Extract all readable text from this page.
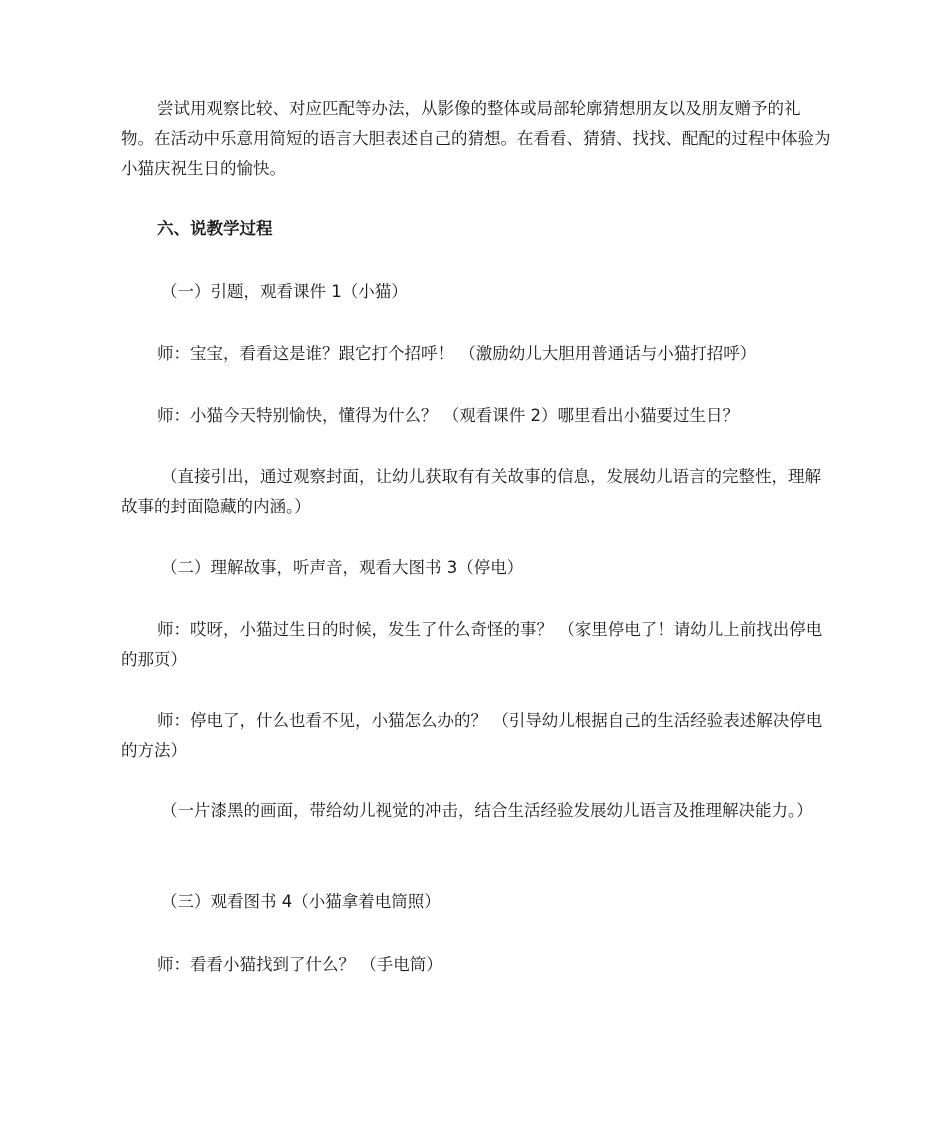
尝试用观察比较、对应匹配等办法，从影像的整体或局部轮廓猜想朋友以及朋友赠予的礼物。在活动中乐意用简短的语言大胆表述自己的猜想。在看看、猜猜、找找、配配的过程中体验为小猫庆祝生日的愉快。

六、说教学过程

（一）引题，观看课件 1（小猫）

师：宝宝，看看这是谁？跟它打个招呼！ （激励幼儿大胆用普通话与小猫打招呼）

师：小猫今天特别愉快，懂得为什么？ （观看课件 2）哪里看出小猫要过生日？

（直接引出，通过观察封面，让幼儿获取有有关故事的信息，发展幼儿语言的完整性，理解故事的封面隐藏的内涵。）

（二）理解故事，听声音，观看大图书 3（停电）

师：哎呀，小猫过生日的时候，发生了什么奇怪的事？ （家里停电了！请幼儿上前找出停电的那页）

师：停电了，什么也看不见，小猫怎么办的？ （引导幼儿根据自己的生活经验表述解决停电的方法）

（一片漆黑的画面，带给幼儿视觉的冲击，结合生活经验发展幼儿语言及推理解决能力。）

（三）观看图书 4（小猫拿着电筒照）

师：看看小猫找到了什么？ （手电筒）
